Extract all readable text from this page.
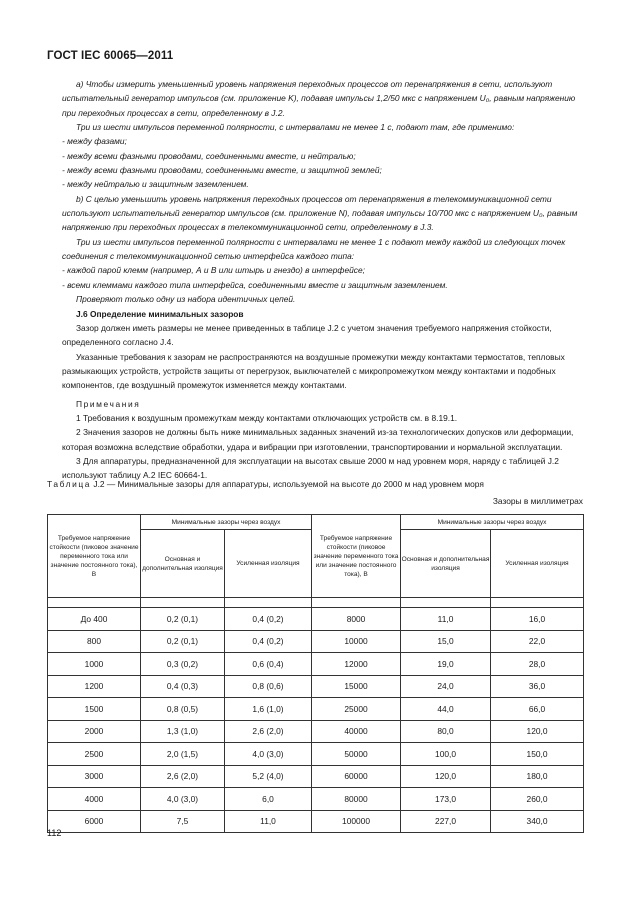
ГОСТ IEC 60065—2011

а) Чтобы измерить уменьшенный уровень напряжения переходных процессов от перенапряжения в сети, используют испытательный генератор импульсов (см. приложение K), подавая импульсы 1,2/50 мкс с напряжением U₀, равным напряжению при переходных процессах в сети, определенному в J.2.

Три из шести импульсов переменной полярности, с интервалами не менее 1 с, подают там, где применимо:

- между фазами;

- между всеми фазными проводами, соединенными вместе, и нейтралью;

- между всеми фазными проводами, соединенными вместе, и защитной землей;

- между нейтралью и защитным заземлением.

b) С целью уменьшить уровень напряжения переходных процессов от перенапряжения в телекоммуникационной сети используют испытательный генератор импульсов (см. приложение N), подавая импульсы 10/700 мкс с напряжением U₀, равным напряжению при переходных процессах в телекоммуникационной сети, определенному в J.3.

Три из шести импульсов переменной полярности с интервалами не менее 1 с подают между каждой из следующих точек соединения с телекоммуникационной сетью интерфейса каждого типа:

- каждой парой клемм (например, А и В или штырь и гнездо) в интерфейсе;

- всеми клеммами каждого типа интерфейса, соединенными вместе и защитным заземлением.

Проверяют только одну из набора идентичных цепей.

J.6 Определение минимальных зазоров

Зазор должен иметь размеры не менее приведенных в таблице J.2 с учетом значения требуемого напряжения стойкости, определенного согласно J.4.

Указанные требования к зазорам не распространяются на воздушные промежутки между контактами термостатов, тепловых размыкающих устройств, устройств защиты от перегрузок, выключателей с микропромежутком между контактами и подобных компонентов, где воздушный промежуток изменяется между контактами.

Примечания

1 Требования к воздушным промежуткам между контактами отключающих устройств см. в 8.19.1.

2 Значения зазоров не должны быть ниже минимальных заданных значений из-за технологических допусков или деформации, которая возможна вследствие обработки, удара и вибрации при изготовлении, транспортировании и нормальной эксплуатации.

3 Для аппаратуры, предназначенной для эксплуатации на высотах свыше 2000 м над уровнем моря, наряду с таблицей J.2 используют таблицу A.2 IEC 60664-1.

Таблица J.2 — Минимальные зазоры для аппаратуры, используемой на высоте до 2000 м над уровнем моря
Зазоры в миллиметрах
Требуемое напряжение стойкости (пиковое значение переменного тока или значение постоянного тока), В	Минимальные зазоры через воздух		Требуемое напряжение стойкости (пиковое значение переменного тока или значение постоянного тока), В	Минимальные зазоры через воздух	
	Основная и дополнительная изоляция	Усиленная изоляция		Основная и дополнительная изоляция	Усиленная изоляция

До 400	0,2 (0,1)	0,4 (0,2)	8000	11,0	16,0
800	0,2 (0,1)	0,4 (0,2)	10000	15,0	22,0
1000	0,3 (0,2)	0,6 (0,4)	12000	19,0	28,0
1200	0,4 (0,3)	0,8 (0,6)	15000	24,0	36,0
1500	0,8 (0,5)	1,6 (1,0)	25000	44,0	66,0
2000	1,3 (1,0)	2,6 (2,0)	40000	80,0	120,0
2500	2,0 (1,5)	4,0 (3,0)	50000	100,0	150,0
3000	2,6 (2,0)	5,2 (4,0)	60000	120,0	180,0
4000	4,0 (3,0)	6,0	80000	173,0	260,0
6000	7,5	11,0	100000	227,0	340,0
112
